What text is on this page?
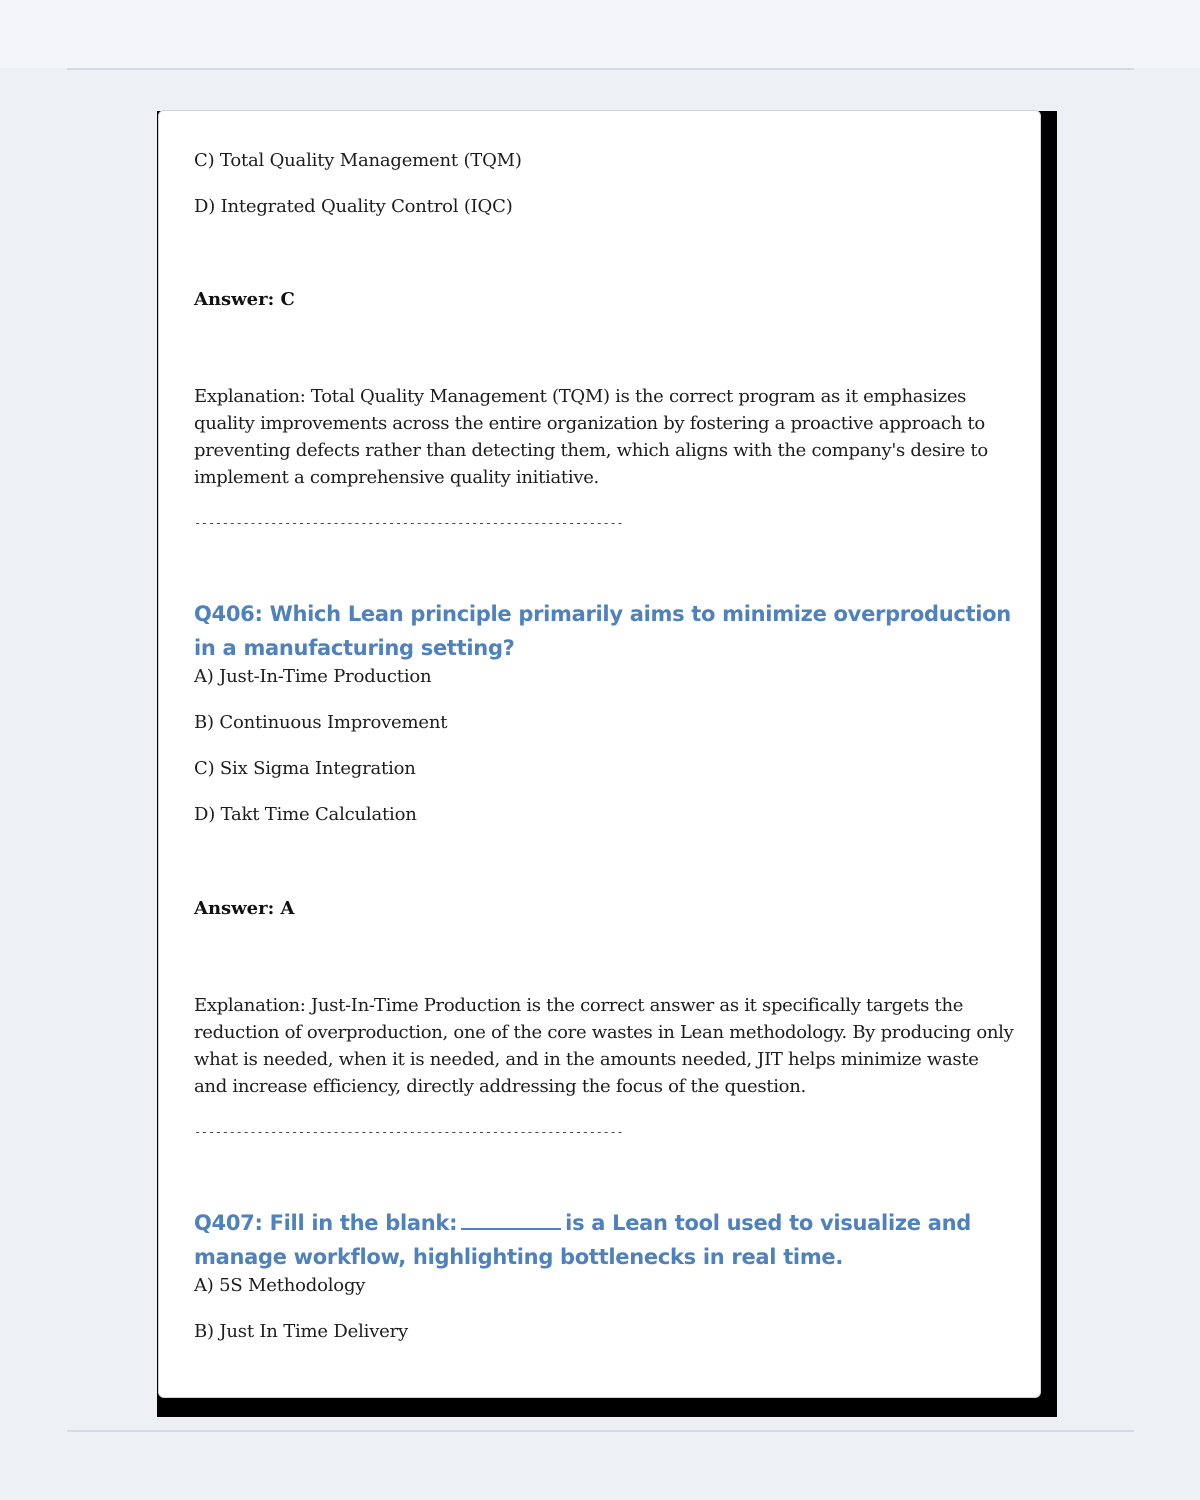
C) Total Quality Management (TQM)

D) Integrated Quality Control (IQC)

Answer: C

Explanation: Total Quality Management (TQM) is the correct program as it emphasizes quality improvements across the entire organization by fostering a proactive approach to preventing defects rather than detecting them, which aligns with the company's desire to implement a comprehensive quality initiative.

--------------------------------------------------------------

Q406: Which Lean principle primarily aims to minimize overproduction in a manufacturing setting?

A) Just-In-Time Production

B) Continuous Improvement

C) Six Sigma Integration

D) Takt Time Calculation

Answer: A

Explanation: Just-In-Time Production is the correct answer as it specifically targets the reduction of overproduction, one of the core wastes in Lean methodology. By producing only what is needed, when it is needed, and in the amounts needed, JIT helps minimize waste and increase efficiency, directly addressing the focus of the question.

--------------------------------------------------------------

Q407: Fill in the blank:	is a Lean tool used to visualize and manage workflow, highlighting bottlenecks in real time.

A) 5S Methodology

B) Just In Time Delivery
